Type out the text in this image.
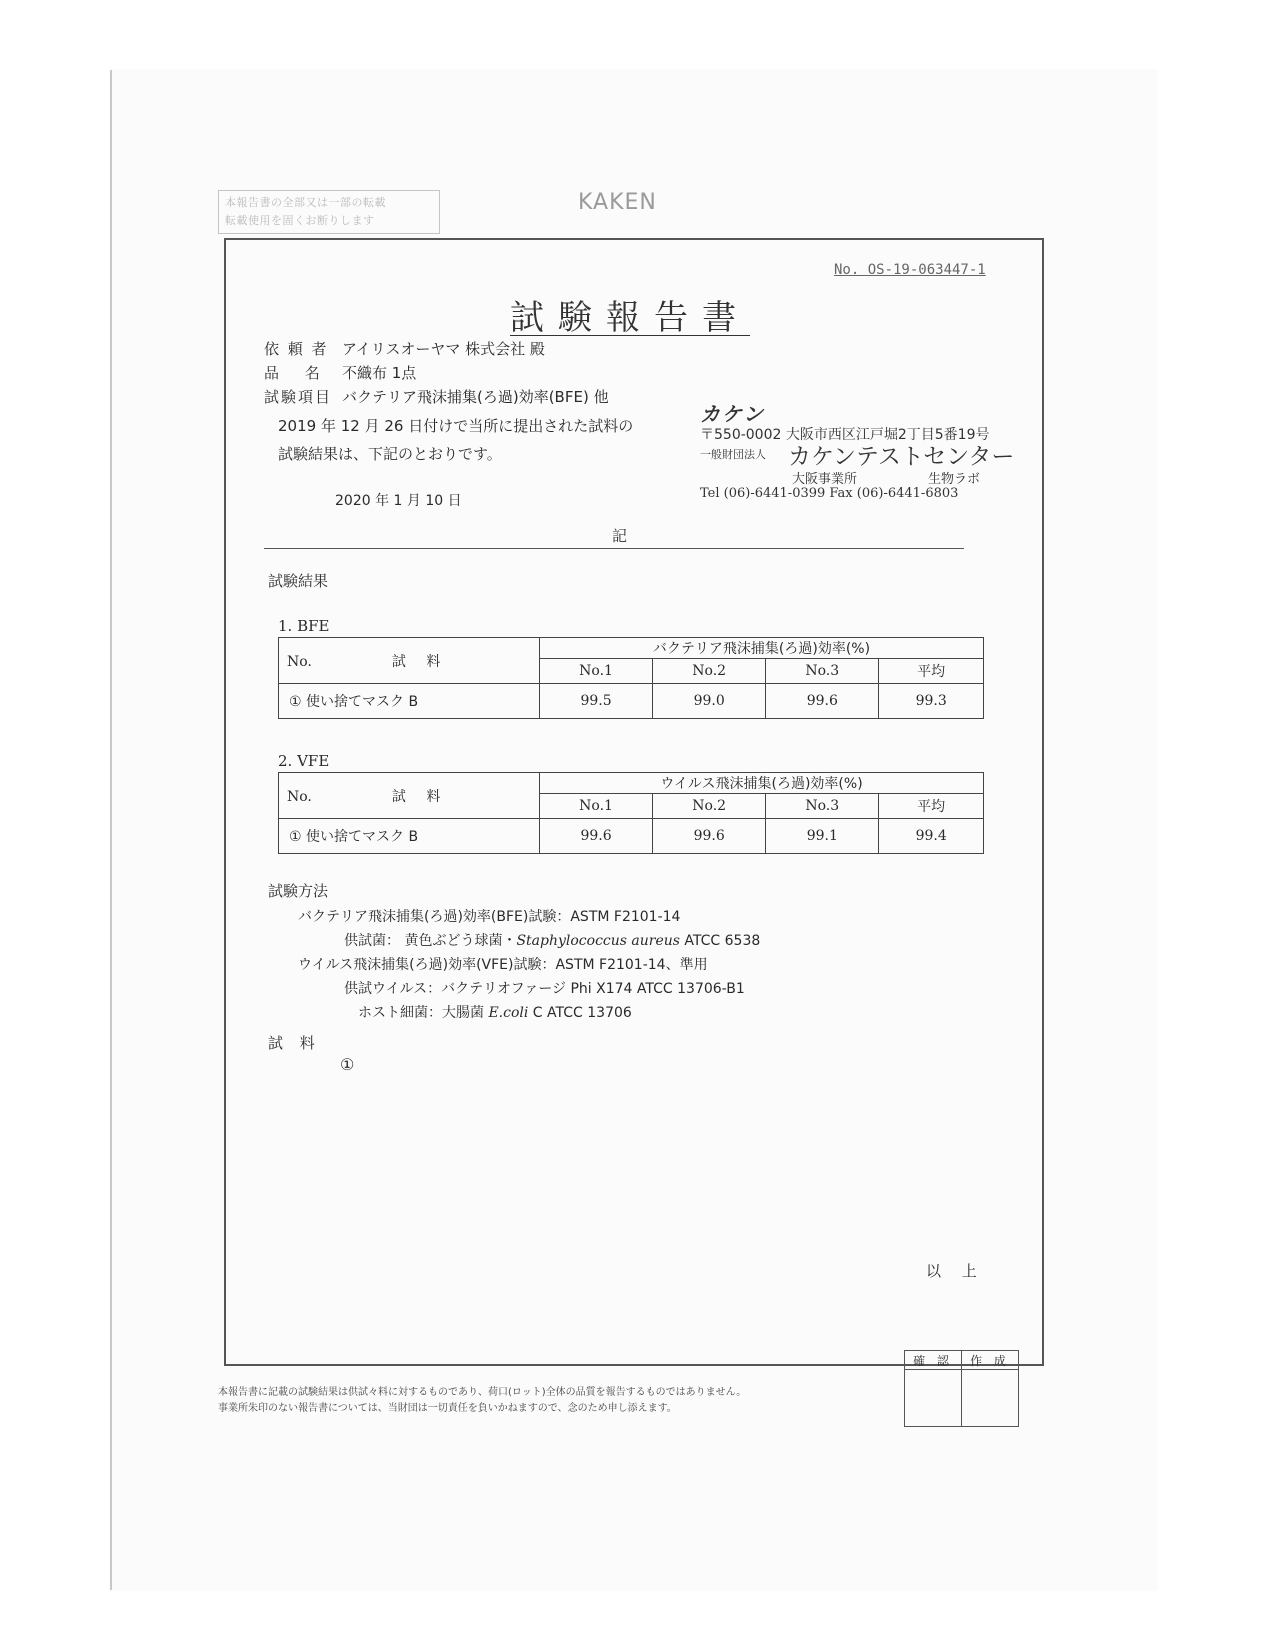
本報告書の全部又は一部の転載
転載使用を固くお断りします
KAKEN
No. OS-19-063447-1
試験報告書
依 頼 者 アイリスオーヤマ 株式会社 殿
品　 名 不織布 1点
試験項目 バクテリア飛沫捕集(ろ過)効率(BFE) 他
2019 年 12 月 26 日付けで当所に提出された試料の
試験結果は、下記のとおりです。
2020 年 1 月 10 日
カケン
〒550-0002 大阪市西区江戸堀2丁目5番19号
一般財団法人 カケンテストセンター
大阪事業所	生物ラボ
Tel (06)-6441-0399 Fax (06)-6441-6803
記
試験結果
1. BFE
No. 試 料	バクテリア飛沫捕集(ろ過)効率(%)			
	No.1	No.2	No.3	平均
① 使い捨てマスク B	99.5	99.0	99.6	99.3
2. VFE
No. 試 料	ウイルス飛沫捕集(ろ過)効率(%)			
	No.1	No.2	No.3	平均
① 使い捨てマスク B	99.6	99.6	99.1	99.4
試験方法
バクテリア飛沫捕集(ろ過)効率(BFE)試験：ASTM F2101-14
供試菌： 黄色ぶどう球菌・Staphylococcus aureus ATCC 6538
ウイルス飛沫捕集(ろ過)効率(VFE)試験：ASTM F2101-14、準用
供試ウイルス：バクテリオファージ Phi X174 ATCC 13706-B1
ホスト細菌：大腸菌 E.coli C ATCC 13706
試 料
①
以 上
本報告書に記載の試験結果は供試々料に対するものであり、荷口(ロット)全体の品質を報告するものではありません。
事業所朱印のない報告書については、当財団は一切責任を負いかねますので、念のため申し添えます。
確 認	作 成
